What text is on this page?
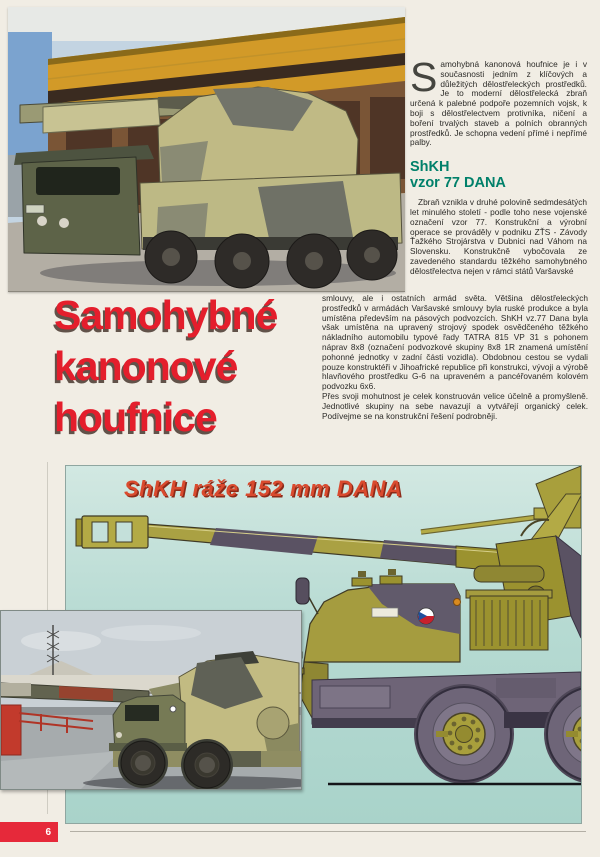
Samohybná kanonová houfnice je i v současnosti jedním z klíčových a důležitých dělostřeleckých prostředků. Je to moderní dělostřelecká zbraň určená k palebné podpoře pozemních vojsk, k boji s dělostřelectvem protivníka, ničení a boření trvalých staveb a polních obranných prostředků. Je schopna vedení přímé i nepřímé palby.

ShKH
vzor 77 DANA

Zbraň vznikla v druhé polovině sedmdesátých let minulého století - podle toho nese vojenské označení vzor 77. Konstrukční a výrobní operace se prováděly v podniku ZŤS - Závody Ťažkého Strojárstva v Dubnici nad Váhom na Slovensku. Konstrukčně vybočovala ze zavedeného standardu těžkého samohybného dělostřelectva nejen v rámci států Varšavské

Samohybné
kanonové
houfnice

smlouvy, ale i ostatních armád světa. Většina dělostřeleckých prostředků v armádách Varšavské smlouvy byla ruské produkce a byla umístěna především na pásových podvozcích. ShKH vz.77 Dana byla však umístěna na upravený strojový spodek osvědčeného těžkého nákladního automobilu typové řady TATRA 815 VP 31 s pohonem náprav 8x8 (označení podvozkové skupiny 8x8 1R znamená umístění pohonné jednotky v zadní části vozidla). Obdobnou cestou se vydali pouze konstruktéři v Jihoafrické republice při konstrukci, vývoji a výrobě hlavňového prostředku G-6 na upraveném a pancéřovaném kolovém podvozku 6x6.

Přes svoji mohutnost je celek konstruován velice účelně a promyšleně. Jednotlivé skupiny na sebe navazují a vytvářejí organický celek. Podívejme se na konstrukční řešení podrobněji.

ShKH ráže 152 mm DANA
6
